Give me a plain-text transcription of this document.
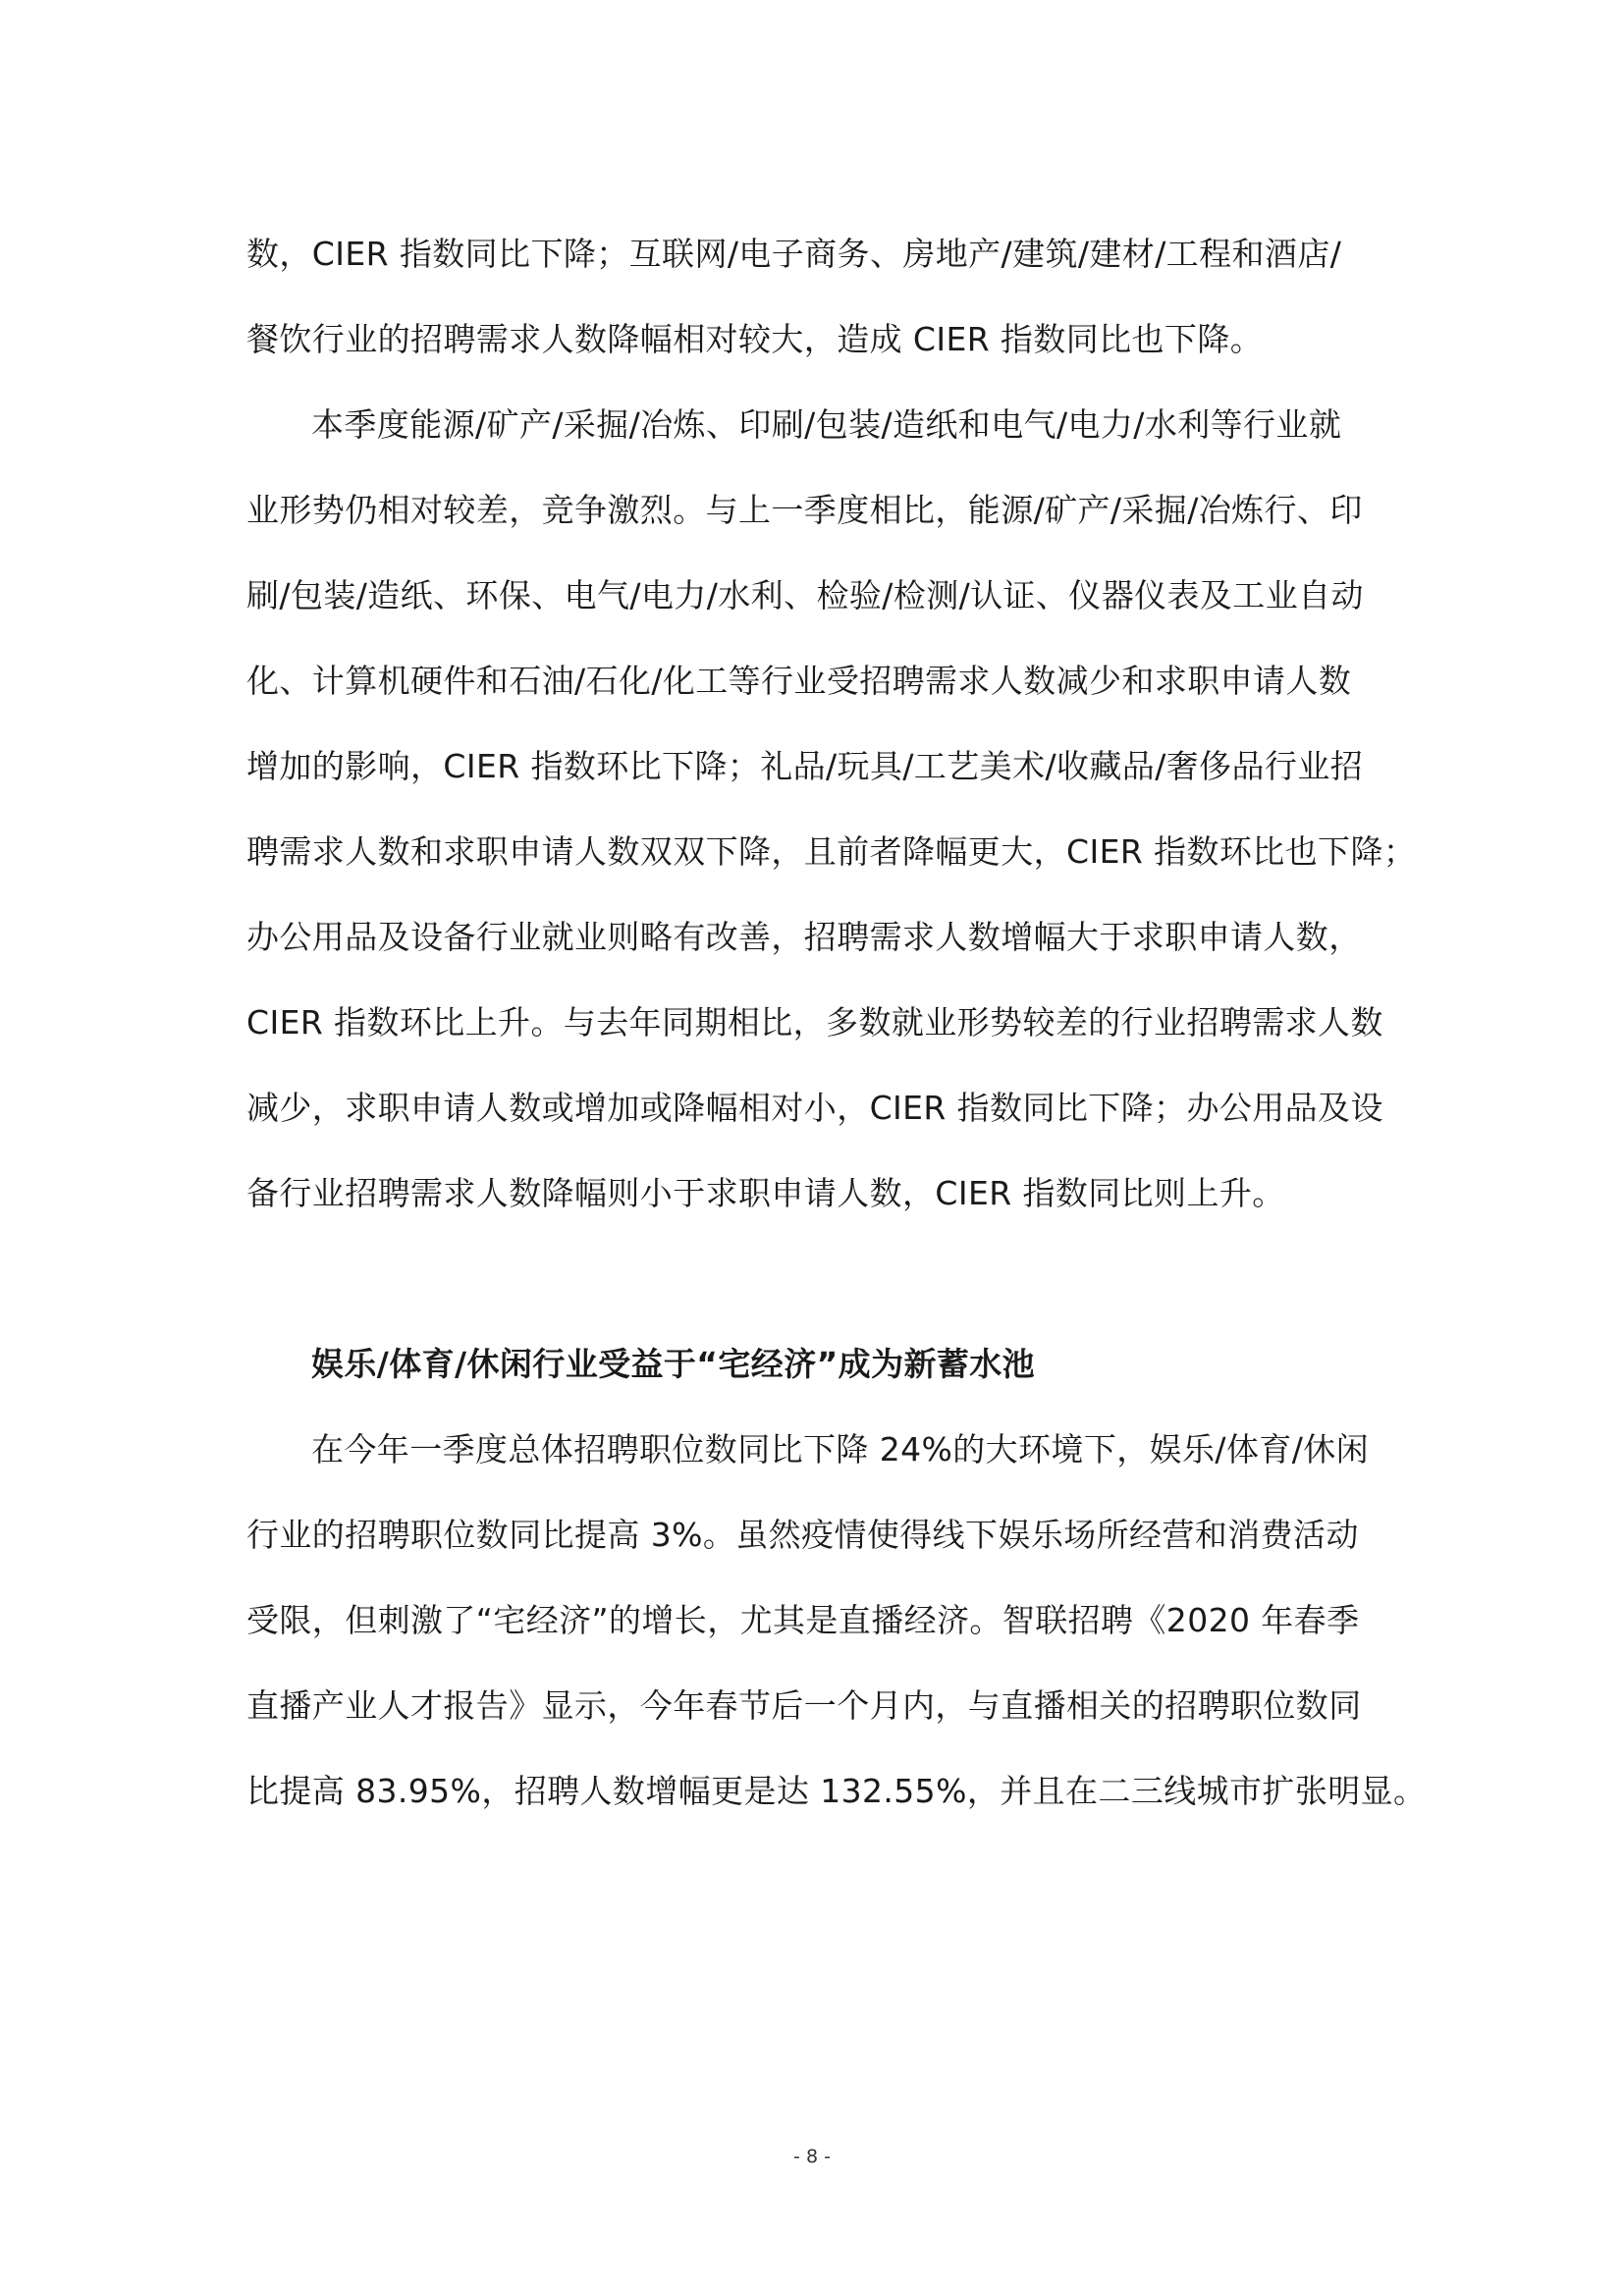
数，CIER 指数同比下降；互联网/电子商务、房地产/建筑/建材/工程和酒店/
餐饮行业的招聘需求人数降幅相对较大，造成 CIER 指数同比也下降。
本季度能源/矿产/采掘/冶炼、印刷/包装/造纸和电气/电力/水利等行业就
业形势仍相对较差，竞争激烈。与上一季度相比，能源/矿产/采掘/冶炼行、印
刷/包装/造纸、环保、电气/电力/水利、检验/检测/认证、仪器仪表及工业自动
化、计算机硬件和石油/石化/化工等行业受招聘需求人数减少和求职申请人数
增加的影响，CIER 指数环比下降；礼品/玩具/工艺美术/收藏品/奢侈品行业招
聘需求人数和求职申请人数双双下降，且前者降幅更大，CIER 指数环比也下降；
办公用品及设备行业就业则略有改善，招聘需求人数增幅大于求职申请人数，
CIER 指数环比上升。与去年同期相比，多数就业形势较差的行业招聘需求人数
减少，求职申请人数或增加或降幅相对小，CIER 指数同比下降；办公用品及设
备行业招聘需求人数降幅则小于求职申请人数，CIER 指数同比则上升。
娱乐/体育/休闲行业受益于“宅经济”成为新蓄水池
在今年一季度总体招聘职位数同比下降 24%的大环境下，娱乐/体育/休闲
行业的招聘职位数同比提高 3%。虽然疫情使得线下娱乐场所经营和消费活动
受限，但刺激了“宅经济”的增长，尤其是直播经济。智联招聘《2020 年春季
直播产业人才报告》显示，今年春节后一个月内，与直播相关的招聘职位数同
比提高 83.95%，招聘人数增幅更是达 132.55%，并且在二三线城市扩张明显。
- 8 -
